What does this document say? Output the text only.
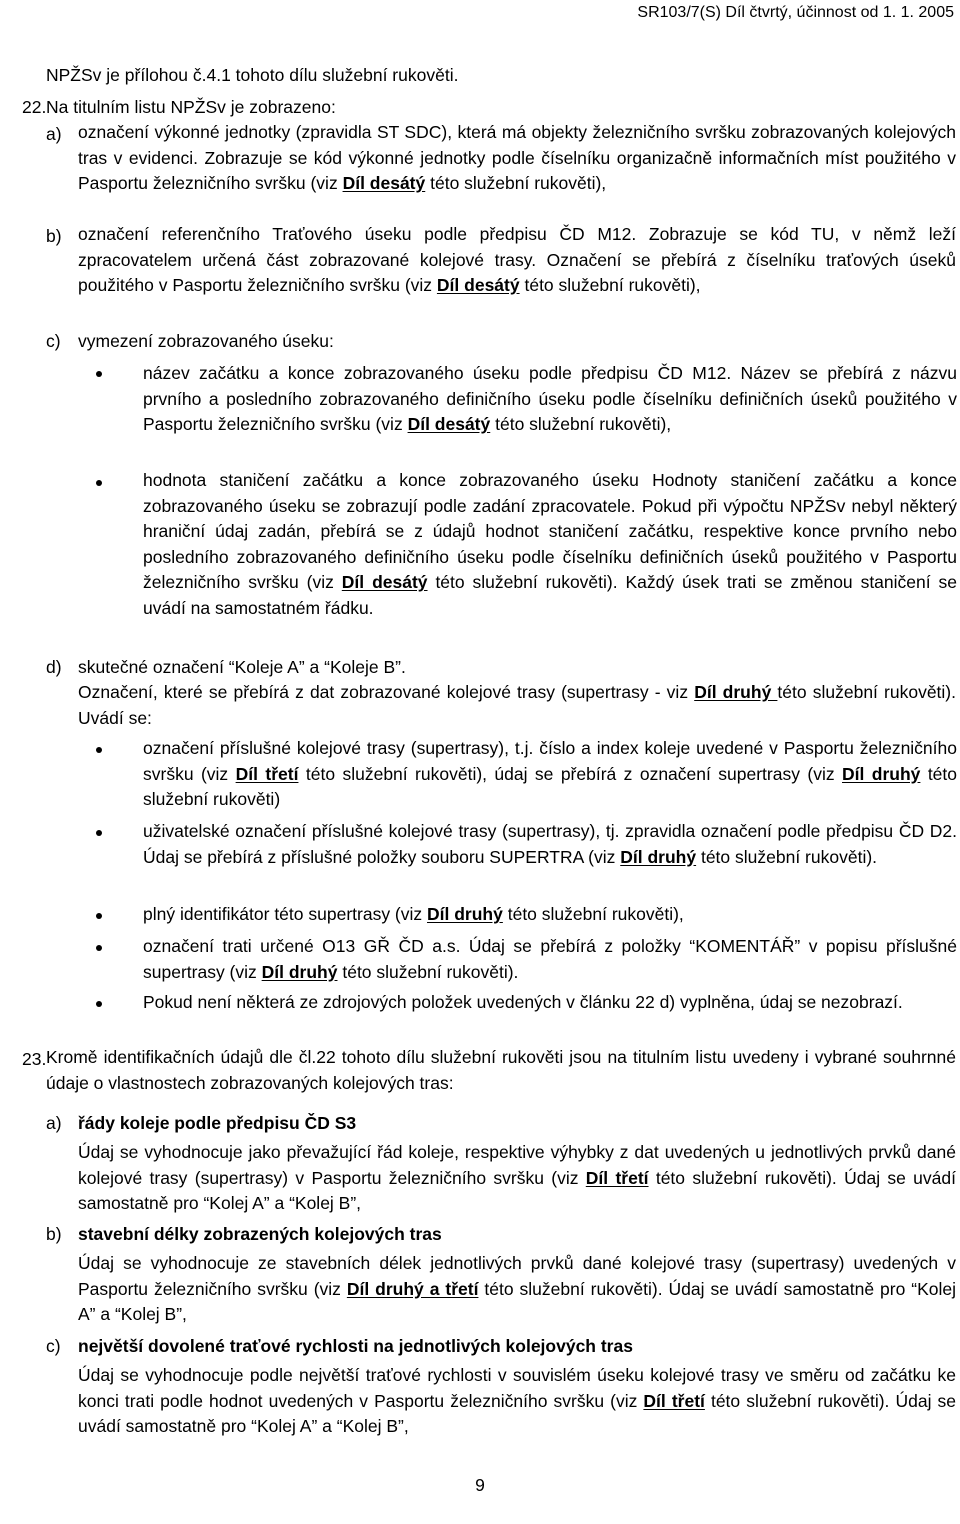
SR103/7(S) Díl čtvrtý, účinnost od 1. 1. 2005
NPŽSv je přílohou č.4.1 tohoto dílu služební rukověti.
22. Na titulním listu NPŽSv je zobrazeno:
a) označení výkonné jednotky (zpravidla ST SDC), která má objekty železničního svršku zobrazovaných kolejových tras v evidenci. Zobrazuje se kód výkonné jednotky podle číselníku organizačně informačních míst použitého v Pasportu železničního svršku (viz Díl desátý této služební rukověti),
b) označení referenčního Traťového úseku podle předpisu ČD M12. Zobrazuje se kód TU, v němž leží zpracovatelem určená část zobrazované kolejové trasy. Označení se přebírá z číselníku traťových úseků použitého v Pasportu železničního svršku (viz Díl desátý této služební rukověti),
c) vymezení zobrazovaného úseku:
název začátku a konce zobrazovaného úseku podle předpisu ČD M12. Název se přebírá z názvu prvního a posledního zobrazovaného definičního úseku podle číselníku definičních úseků použitého v Pasportu železničního svršku (viz Díl desátý této služební rukověti),
hodnota staničení začátku a konce zobrazovaného úseku Hodnoty staničení začátku a konce zobrazovaného úseku se zobrazují podle zadání zpracovatele. Pokud při výpočtu NPŽSv nebyl některý hraniční údaj zadán, přebírá se z údajů hodnot staničení začátku, respektive konce prvního nebo posledního zobrazovaného definičního úseku podle číselníku definičních úseků použitého v Pasportu železničního svršku (viz Díl desátý této služební rukověti). Každý úsek trati se změnou staničení se uvádí na samostatném řádku.
d) skutečné označení “Koleje A” a “Koleje B”.
Označení, které se přebírá z dat zobrazované kolejové trasy (supertrasy - viz Díl druhý této služební rukověti). Uvádí se:
označení příslušné kolejové trasy (supertrasy), t.j. číslo a index koleje uvedené v Pasportu železničního svršku (viz Díl třetí této služební rukověti), údaj se přebírá z označení supertrasy (viz Díl druhý této služební rukověti)
uživatelské označení příslušné kolejové trasy (supertrasy), tj. zpravidla označení podle předpisu ČD D2. Údaj se přebírá z příslušné položky souboru SUPERTRA (viz Díl druhý této služební rukověti).
plný identifikátor této supertrasy (viz Díl druhý této služební rukověti),
označení trati určené O13 GŘ ČD a.s. Údaj se přebírá z položky “KOMENTÁŘ” v popisu příslušné supertrasy (viz Díl druhý této služební rukověti).
Pokud není některá ze zdrojových položek uvedených v článku 22 d) vyplněna, údaj se nezobrazí.
23. Kromě identifikačních údajů dle čl.22 tohoto dílu služební rukověti jsou na titulním listu uvedeny i vybrané souhrnné údaje o vlastnostech zobrazovaných kolejových tras:
a) řády koleje podle předpisu ČD S3
Údaj se vyhodnocuje jako převažující řád koleje, respektive výhybky z dat uvedených u jednotlivých prvků dané kolejové trasy (supertrasy) v Pasportu železničního svršku (viz Díl třetí této služební rukověti). Údaj se uvádí samostatně pro “Kolej A” a “Kolej B”,
b) stavební délky zobrazených kolejových tras
Údaj se vyhodnocuje ze stavebních délek jednotlivých prvků dané kolejové trasy (supertrasy) uvedených v Pasportu železničního svršku (viz Díl druhý a třetí této služební rukověti). Údaj se uvádí samostatně pro “Kolej A” a “Kolej B”,
c) největší dovolené traťové rychlosti na jednotlivých kolejových tras
Údaj se vyhodnocuje podle největší traťové rychlosti v souvislém úseku kolejové trasy ve směru od začátku ke konci trati podle hodnot uvedených v Pasportu železničního svršku (viz Díl třetí této služební rukověti). Údaj se uvádí samostatně pro “Kolej A” a “Kolej B”,
9
